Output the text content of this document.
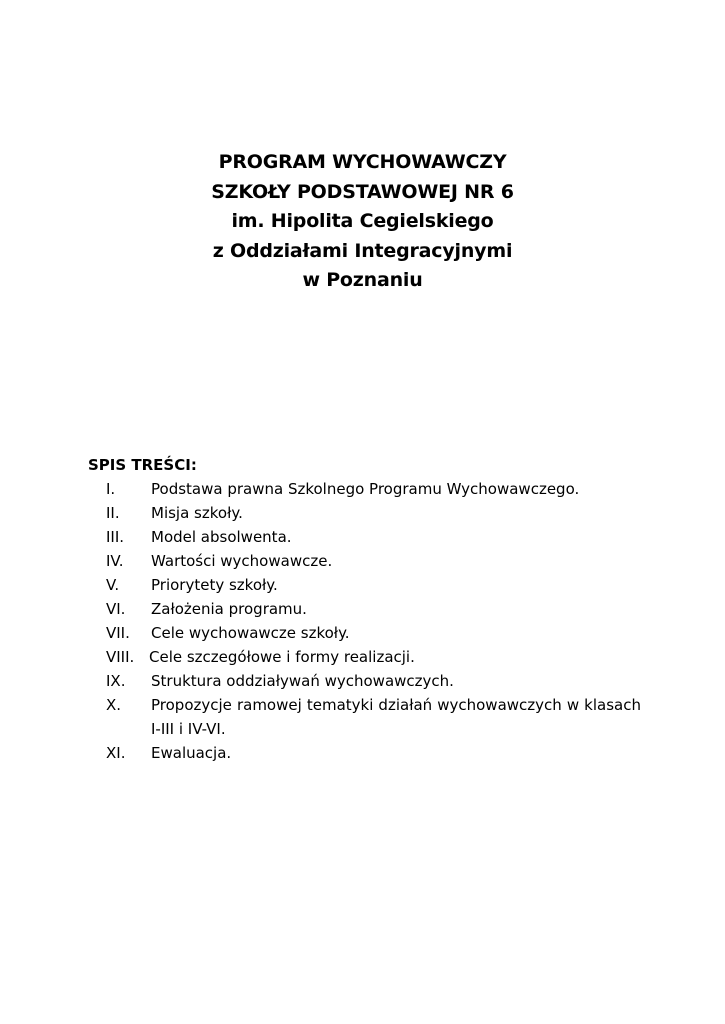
PROGRAM WYCHOWAWCZY
SZKOŁY PODSTAWOWEJ NR 6
im. Hipolita Cegielskiego
z Oddziałami Integracyjnymi
w Poznaniu
SPIS TREŚCI:
I.	Podstawa prawna Szkolnego Programu Wychowawczego.
II.	Misja szkoły.
III.	Model absolwenta.
IV.	Wartości wychowawcze.
V.	Priorytety szkoły.
VI.	Założenia programu.
VII.	Cele wychowawcze szkoły.
VIII. Cele szczegółowe i formy realizacji.
IX.	Struktura oddziaływań wychowawczych.
X.	Propozycje ramowej tematyki działań wychowawczych w klasach I-III i IV-VI.
XI.	Ewaluacja.
